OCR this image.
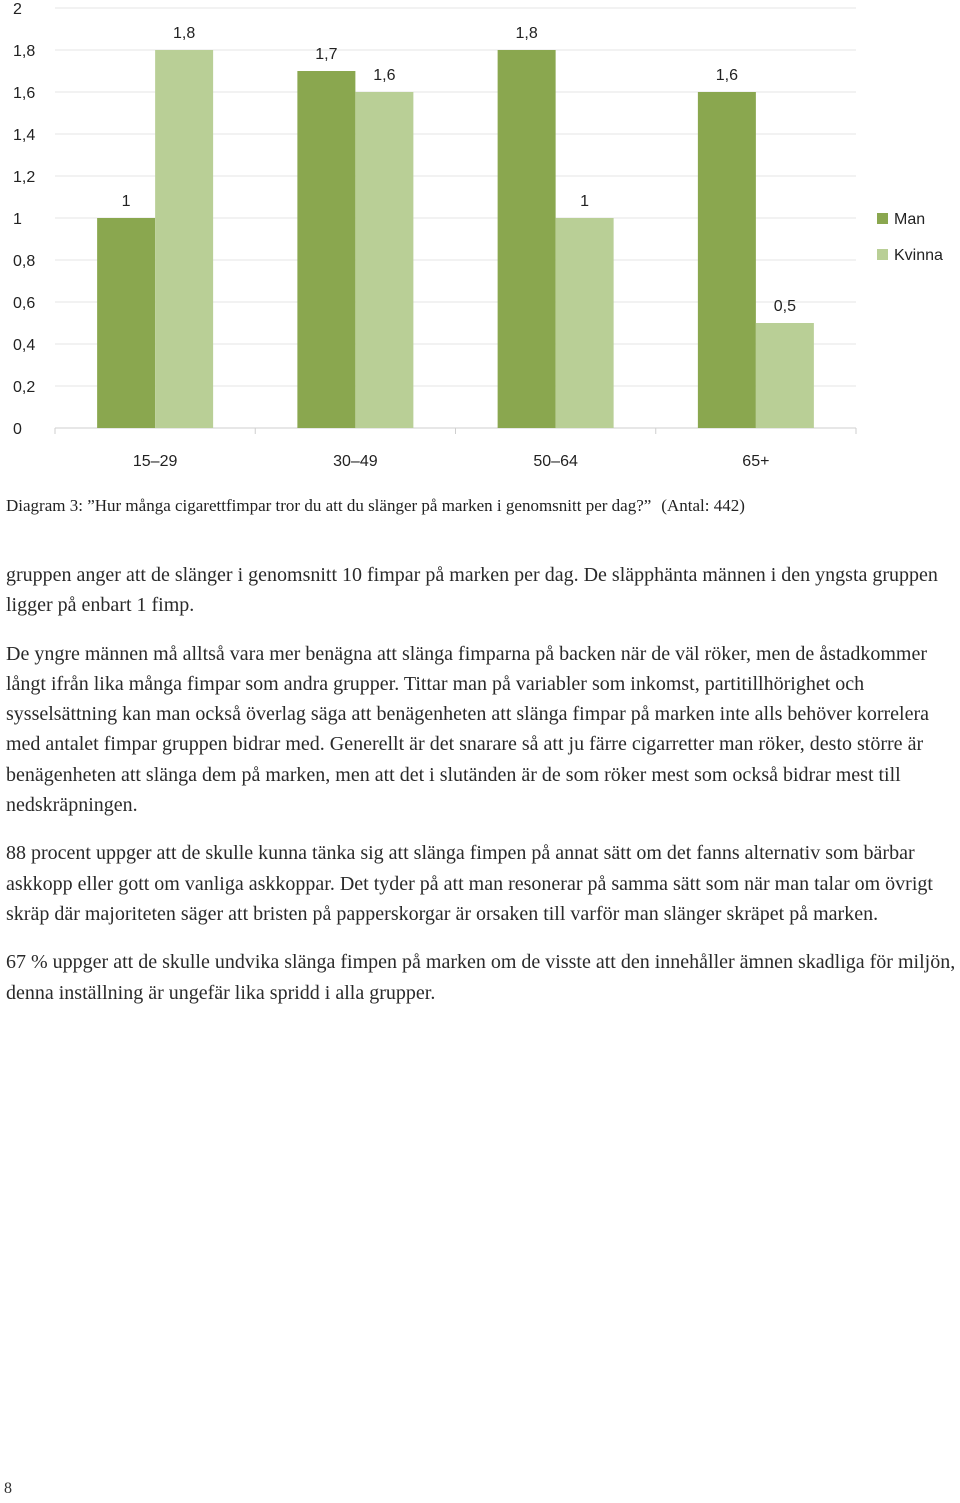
0
0,2
0,4
0,6
0,8
1
1,2
1,4
1,6
1,8
2
1
1,8
15–29
1,7
1,6
30–49
1,8
1
50–64
1,6
0,5
65+
Man
Kvinna
Diagram 3: ”Hur många cigarettfimpar tror du att du slänger på marken i genomsnitt per dag?” (Antal: 442)

gruppen anger att de slänger i genomsnitt 10 fimpar på marken per dag. De släpphänta männen i den yngsta gruppen ligger på enbart 1 fimp.

De yngre männen må alltså vara mer benägna att slänga fimparna på backen när de väl röker, men de åstadkommer långt ifrån lika många fimpar som andra grupper. Tittar man på variabler som inkomst, partitillhörighet och sysselsättning kan man också överlag säga att benägenheten att slänga fimpar på marken inte alls behöver korrelera med antalet fimpar gruppen bidrar med. Generellt är det snarare så att ju färre cigarretter man röker, desto större är benägenheten att slänga dem på marken, men att det i slutänden är de som röker mest som också bidrar mest till nedskräpningen.

88 procent uppger att de skulle kunna tänka sig att slänga fimpen på annat sätt om det fanns alternativ som bärbar askkopp eller gott om vanliga askkoppar. Det tyder på att man resonerar på samma sätt som när man talar om övrigt skräp där majoriteten säger att bristen på papperskorgar är orsaken till varför man slänger skräpet på marken.

67 % uppger att de skulle undvika slänga fimpen på marken om de visste att den innehåller ämnen skadliga för miljön, denna inställning är ungefär lika spridd i alla grupper.

8
